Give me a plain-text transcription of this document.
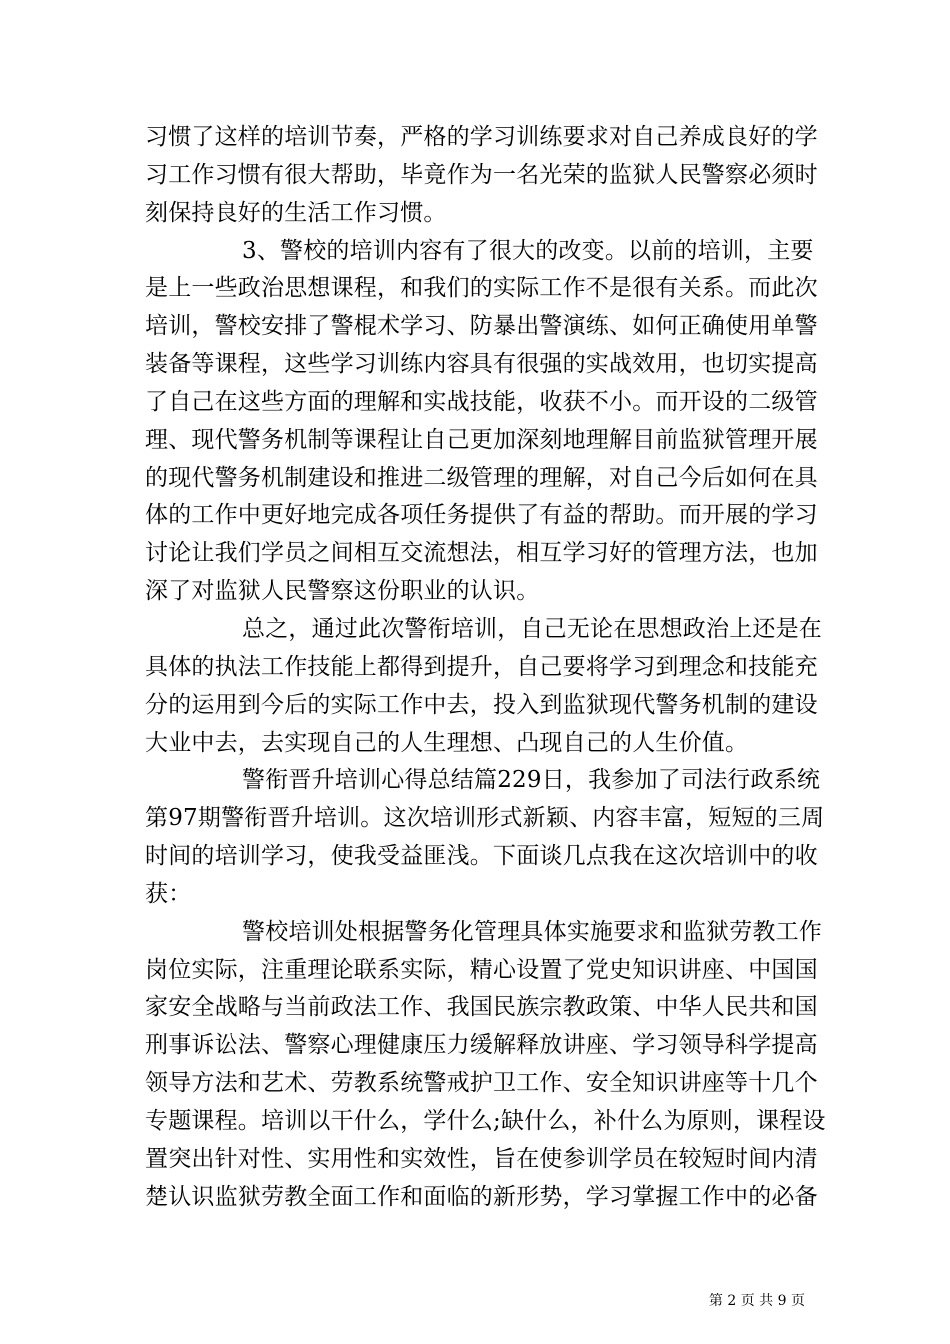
习惯了这样的培训节奏，严格的学习训练要求对自己养成良好的学
习工作习惯有很大帮助，毕竟作为一名光荣的监狱人民警察必须时
刻保持良好的生活工作习惯。
3、警校的培训内容有了很大的改变。以前的培训，主要
是上一些政治思想课程，和我们的实际工作不是很有关系。而此次
培训，警校安排了警棍术学习、防暴出警演练、如何正确使用单警
装备等课程，这些学习训练内容具有很强的实战效用，也切实提高
了自己在这些方面的理解和实战技能，收获不小。而开设的二级管
理、现代警务机制等课程让自己更加深刻地理解目前监狱管理开展
的现代警务机制建设和推进二级管理的理解，对自己今后如何在具
体的工作中更好地完成各项任务提供了有益的帮助。而开展的学习
讨论让我们学员之间相互交流想法，相互学习好的管理方法，也加
深了对监狱人民警察这份职业的认识。
总之，通过此次警衔培训，自己无论在思想政治上还是在
具体的执法工作技能上都得到提升，自己要将学习到理念和技能充
分的运用到今后的实际工作中去，投入到监狱现代警务机制的建设
大业中去，去实现自己的人生理想、凸现自己的人生价值。
警衔晋升培训心得总结篇229日，我参加了司法行政系统
第97期警衔晋升培训。这次培训形式新颖、内容丰富，短短的三周
时间的培训学习，使我受益匪浅。下面谈几点我在这次培训中的收
获：
警校培训处根据警务化管理具体实施要求和监狱劳教工作
岗位实际，注重理论联系实际，精心设置了党史知识讲座、中国国
家安全战略与当前政法工作、我国民族宗教政策、中华人民共和国
刑事诉讼法、警察心理健康压力缓解释放讲座、学习领导科学提高
领导方法和艺术、劳教系统警戒护卫工作、安全知识讲座等十几个
专题课程。培训以干什么，学什么;缺什么，补什么为原则，课程设
置突出针对性、实用性和实效性，旨在使参训学员在较短时间内清
楚认识监狱劳教全面工作和面临的新形势，学习掌握工作中的必备
第 2 页 共 9 页
